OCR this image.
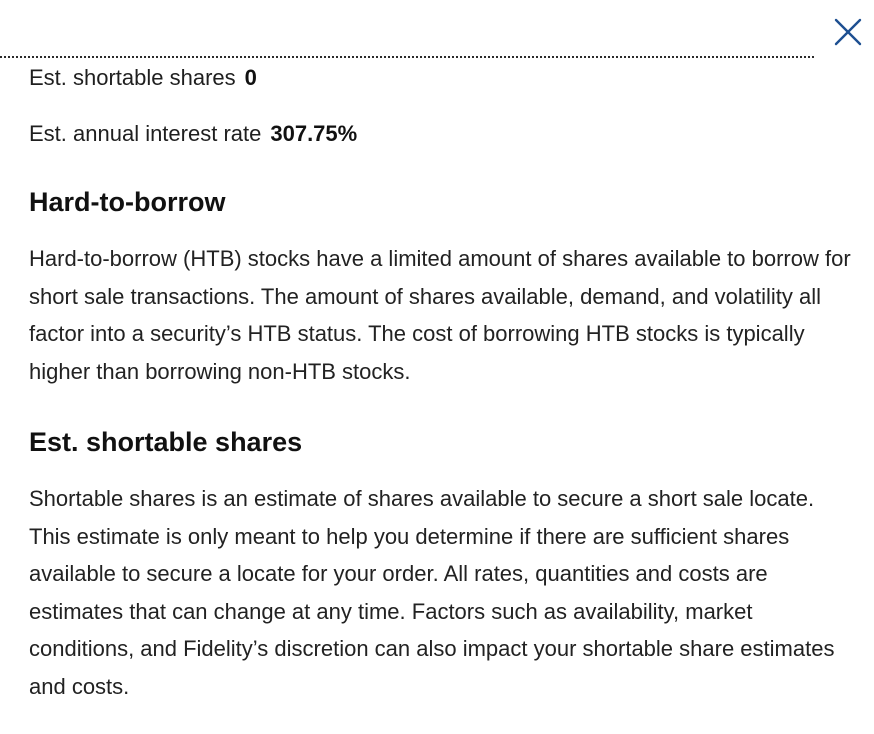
Est. shortable shares 0

Est. annual interest rate 307.75%

Hard-to-borrow

Hard-to-borrow (HTB) stocks have a limited amount of shares available to borrow for short sale transactions. The amount of shares available, demand, and volatility all factor into a security’s HTB status. The cost of borrowing HTB stocks is typically higher than borrowing non-HTB stocks.

Est. shortable shares

Shortable shares is an estimate of shares available to secure a short sale locate. This estimate is only meant to help you determine if there are sufficient shares available to secure a locate for your order. All rates, quantities and costs are estimates that can change at any time. Factors such as availability, market conditions, and Fidelity’s discretion can also impact your shortable share estimates and costs.
